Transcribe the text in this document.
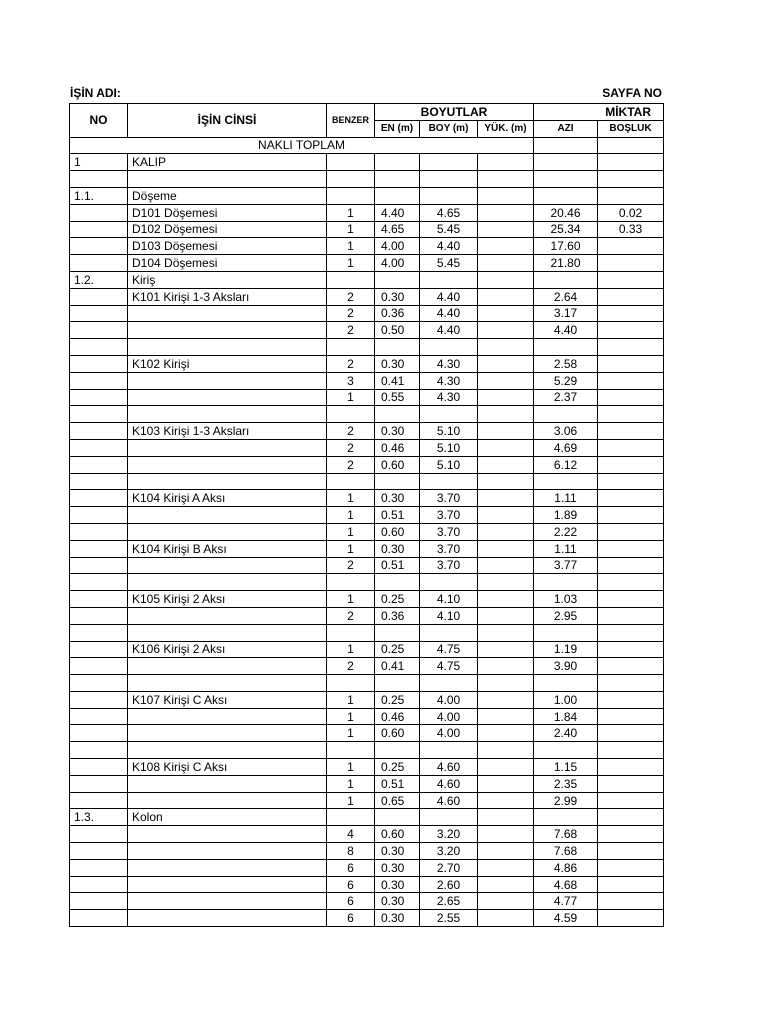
İŞİN ADI:	SAYFA NO
NO	İŞİN CİNSİ	BENZER	BOYUTLAR			MİKTAR	
			EN (m)	BOY (m)	YÜK. (m)	AZI	BOŞLUK
NAKLI TOPLAM							
1	KALIP						

1.1.	Döşeme						
	D101 Döşemesi	1	4.40	4.65		20.46	0.02
	D102 Döşemesi	1	4.65	5.45		25.34	0.33
	D103 Döşemesi	1	4.00	4.40		17.60	
	D104 Döşemesi	1	4.00	5.45		21.80	
1.2.	Kiriş						
	K101 Kirişi 1-3 Aksları	2	0.30	4.40		2.64	
		2	0.36	4.40		3.17	
		2	0.50	4.40		4.40	

	K102 Kirişi	2	0.30	4.30		2.58	
		3	0.41	4.30		5.29	
		1	0.55	4.30		2.37	

	K103 Kirişi 1-3 Aksları	2	0.30	5.10		3.06	
		2	0.46	5.10		4.69	
		2	0.60	5.10		6.12	

	K104 Kirişi A Aksı	1	0.30	3.70		1.11	
		1	0.51	3.70		1.89	
		1	0.60	3.70		2.22	
	K104 Kirişi B Aksı	1	0.30	3.70		1.11	
		2	0.51	3.70		3.77	

	K105 Kirişi 2 Aksı	1	0.25	4.10		1.03	
		2	0.36	4.10		2.95	

	K106 Kirişi 2 Aksı	1	0.25	4.75		1.19	
		2	0.41	4.75		3.90	

	K107 Kirişi C Aksı	1	0.25	4.00		1.00	
		1	0.46	4.00		1.84	
		1	0.60	4.00		2.40	

	K108 Kirişi C Aksı	1	0.25	4.60		1.15	
		1	0.51	4.60		2.35	
		1	0.65	4.60		2.99	
1.3.	Kolon						
		4	0.60	3.20		7.68	
		8	0.30	3.20		7.68	
		6	0.30	2.70		4.86	
		6	0.30	2.60		4.68	
		6	0.30	2.65		4.77	
		6	0.30	2.55		4.59	
